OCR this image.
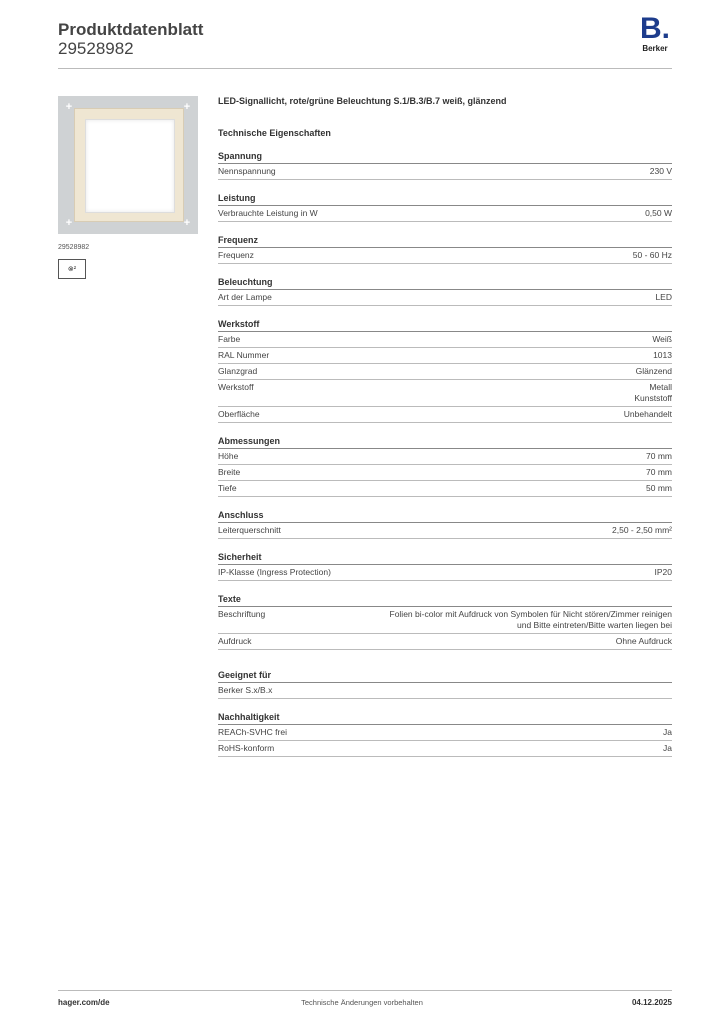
Produktdatenblatt
29528982
B.
Berker
+	+
+	+
29528982
⊗²
LED-Signallicht, rote/grüne Beleuchtung S.1/B.3/B.7 weiß, glänzend
Technische Eigenschaften
Spannung
Nennspannung	230 V
Leistung
Verbrauchte Leistung in W	0,50 W
Frequenz
Frequenz	50 - 60 Hz
Beleuchtung
Art der Lampe	LED
Werkstoff
Farbe	Weiß
RAL Nummer	1013
Glanzgrad	Glänzend
Werkstoff	Metall
Kunststoff
Oberfläche	Unbehandelt
Abmessungen
Höhe	70 mm
Breite	70 mm
Tiefe	50 mm
Anschluss
Leiterquerschnitt	2,50 - 2,50 mm²
Sicherheit
IP-Klasse (Ingress Protection)	IP20
Texte
Beschriftung	Folien bi-color mit Aufdruck von Symbolen für Nicht stören/Zimmer reinigen
und Bitte eintreten/Bitte warten liegen bei
Aufdruck	Ohne Aufdruck
Geeignet für
Berker S.x/B.x
Nachhaltigkeit
REACh-SVHC frei	Ja
RoHS-konform	Ja
hager.com/de	Technische Änderungen vorbehalten	04.12.2025
